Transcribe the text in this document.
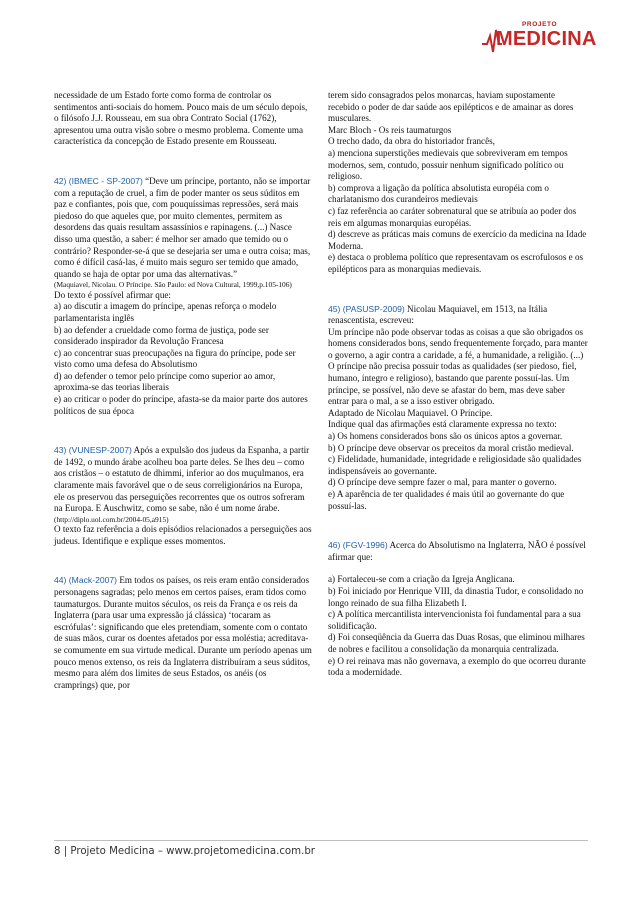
PROJETO
MEDICINA

necessidade de um Estado forte como forma de controlar os sentimentos anti-sociais do homem. Pouco mais de um século depois, o filósofo J.J. Rousseau, em sua obra Contrato Social (1762), apresentou uma outra visão sobre o mesmo problema. Comente uma característica da concepção de Estado presente em Rousseau.

42) (IBMEC - SP-2007) “Deve um príncipe, portanto, não se importar com a reputação de cruel, a fim de poder manter os seus súditos em paz e confiantes, pois que, com pouquíssimas repressões, será mais piedoso do que aqueles que, por muito clementes, permitem as desordens das quais resultam assassínios e rapinagens. (...) Nasce disso uma questão, a saber: é melhor ser amado que temido ou o contrário? Responder-se-á que se desejaria ser uma e outra coisa; mas, como é difícil casá-las, é muito mais seguro ser temido que amado, quando se haja de optar por uma das alternativas.”

(Maquiavel, Nicolau. O Príncipe. São Paulo: ed Nova Cultural, 1999,p.105-106)

Do texto é possível afirmar que:

a) ao discutir a imagem do príncipe, apenas reforça o modelo parlamentarista inglês

b) ao defender a crueldade como forma de justiça, pode ser considerado inspirador da Revolução Francesa

c) ao concentrar suas preocupações na figura do príncipe, pode ser visto como uma defesa do Absolutismo

d) ao defender o temor pelo príncipe como superior ao amor, aproxima-se das teorias liberais

e) ao criticar o poder do príncipe, afasta-se da maior parte dos autores políticos de sua época

43) (VUNESP-2007) Após a expulsão dos judeus da Espanha, a partir de 1492, o mundo árabe acolheu boa parte deles. Se lhes deu – como aos cristãos – o estatuto de dhimmi, inferior ao dos muçulmanos, era claramente mais favorável que o de seus correligionários na Europa, ele os preservou das perseguições recorrentes que os outros sofreram na Europa. E Auschwitz, como se sabe, não é um nome árabe.

(http://diplo.uol.com.br/2004-05,a915)

O texto faz referência a dois episódios relacionados a perseguições aos judeus. Identifique e explique esses momentos.

44) (Mack-2007) Em todos os países, os reis eram então considerados personagens sagradas; pelo menos em certos países, eram tidos como taumaturgos. Durante muitos séculos, os reis da França e os reis da Inglaterra (para usar uma expressão já clássica) ‘tocaram as escrófulas’: significando que eles pretendiam, somente com o contato de suas mãos, curar os doentes afetados por essa moléstia; acreditava-se comumente em sua virtude medical. Durante um período apenas um pouco menos extenso, os reis da Inglaterra distribuíram a seus súditos, mesmo para além dos limites de seus Estados, os anéis (os cramprings) que, por

terem sido consagrados pelos monarcas, haviam supostamente recebido o poder de dar saúde aos epilépticos e de amainar as dores musculares.

Marc Bloch - Os reis taumaturgos

O trecho dado, da obra do historiador francês,

a) menciona superstições medievais que sobreviveram em tempos modernos, sem, contudo, possuir nenhum significado político ou religioso.

b) comprova a ligação da política absolutista européia com o charlatanismo dos curandeiros medievais

c) faz referência ao caráter sobrenatural que se atribuía ao poder dos reis em algumas monarquias européias.

d) descreve as práticas mais comuns de exercício da medicina na Idade Moderna.

e) destaca o problema político que representavam os escrofulosos e os epilépticos para as monarquias medievais.

45) (PASUSP-2009) Nicolau Maquiavel, em 1513, na Itália renascentista, escreveu:

Um príncipe não pode observar todas as coisas a que são obrigados os homens considerados bons, sendo frequentemente forçado, para manter o governo, a agir contra a caridade, a fé, a humanidade, a religião. (...) O príncipe não precisa possuir todas as qualidades (ser piedoso, fiel, humano, íntegro e religioso), bastando que parente possuí-las. Um príncipe, se possível, não deve se afastar do bem, mas deve saber entrar para o mal, a se a isso estiver obrigado.

Adaptado de Nicolau Maquiavel. O Príncipe.

Indique qual das afirmações está claramente expressa no texto:

a) Os homens considerados bons são os únicos aptos a governar.

b) O príncipe deve observar os preceitos da moral cristão medieval.

c) Fidelidade, humanidade, integridade e religiosidade são qualidades indispensáveis ao governante.

d) O príncipe deve sempre fazer o mal, para manter o governo.

e) A aparência de ter qualidades é mais útil ao governante do que possuí-las.

46) (FGV-1996) Acerca do Absolutismo na Inglaterra, NÃO é possível afirmar que:

a) Fortaleceu-se com a criação da Igreja Anglicana.

b) Foi iniciado por Henrique VIII, da dinastia Tudor, e consolidado no longo reinado de sua filha Elizabeth I.

c) A política mercantilista intervencionista foi fundamental para a sua solidificação.

d) Foi conseqüência da Guerra das Duas Rosas, que eliminou milhares de nobres e facilitou a consolidação da monarquia centralizada.

e) O rei reinava mas não governava, a exemplo do que ocorreu durante toda a modernidade.

8 | Projeto Medicina – www.projetomedicina.com.br
